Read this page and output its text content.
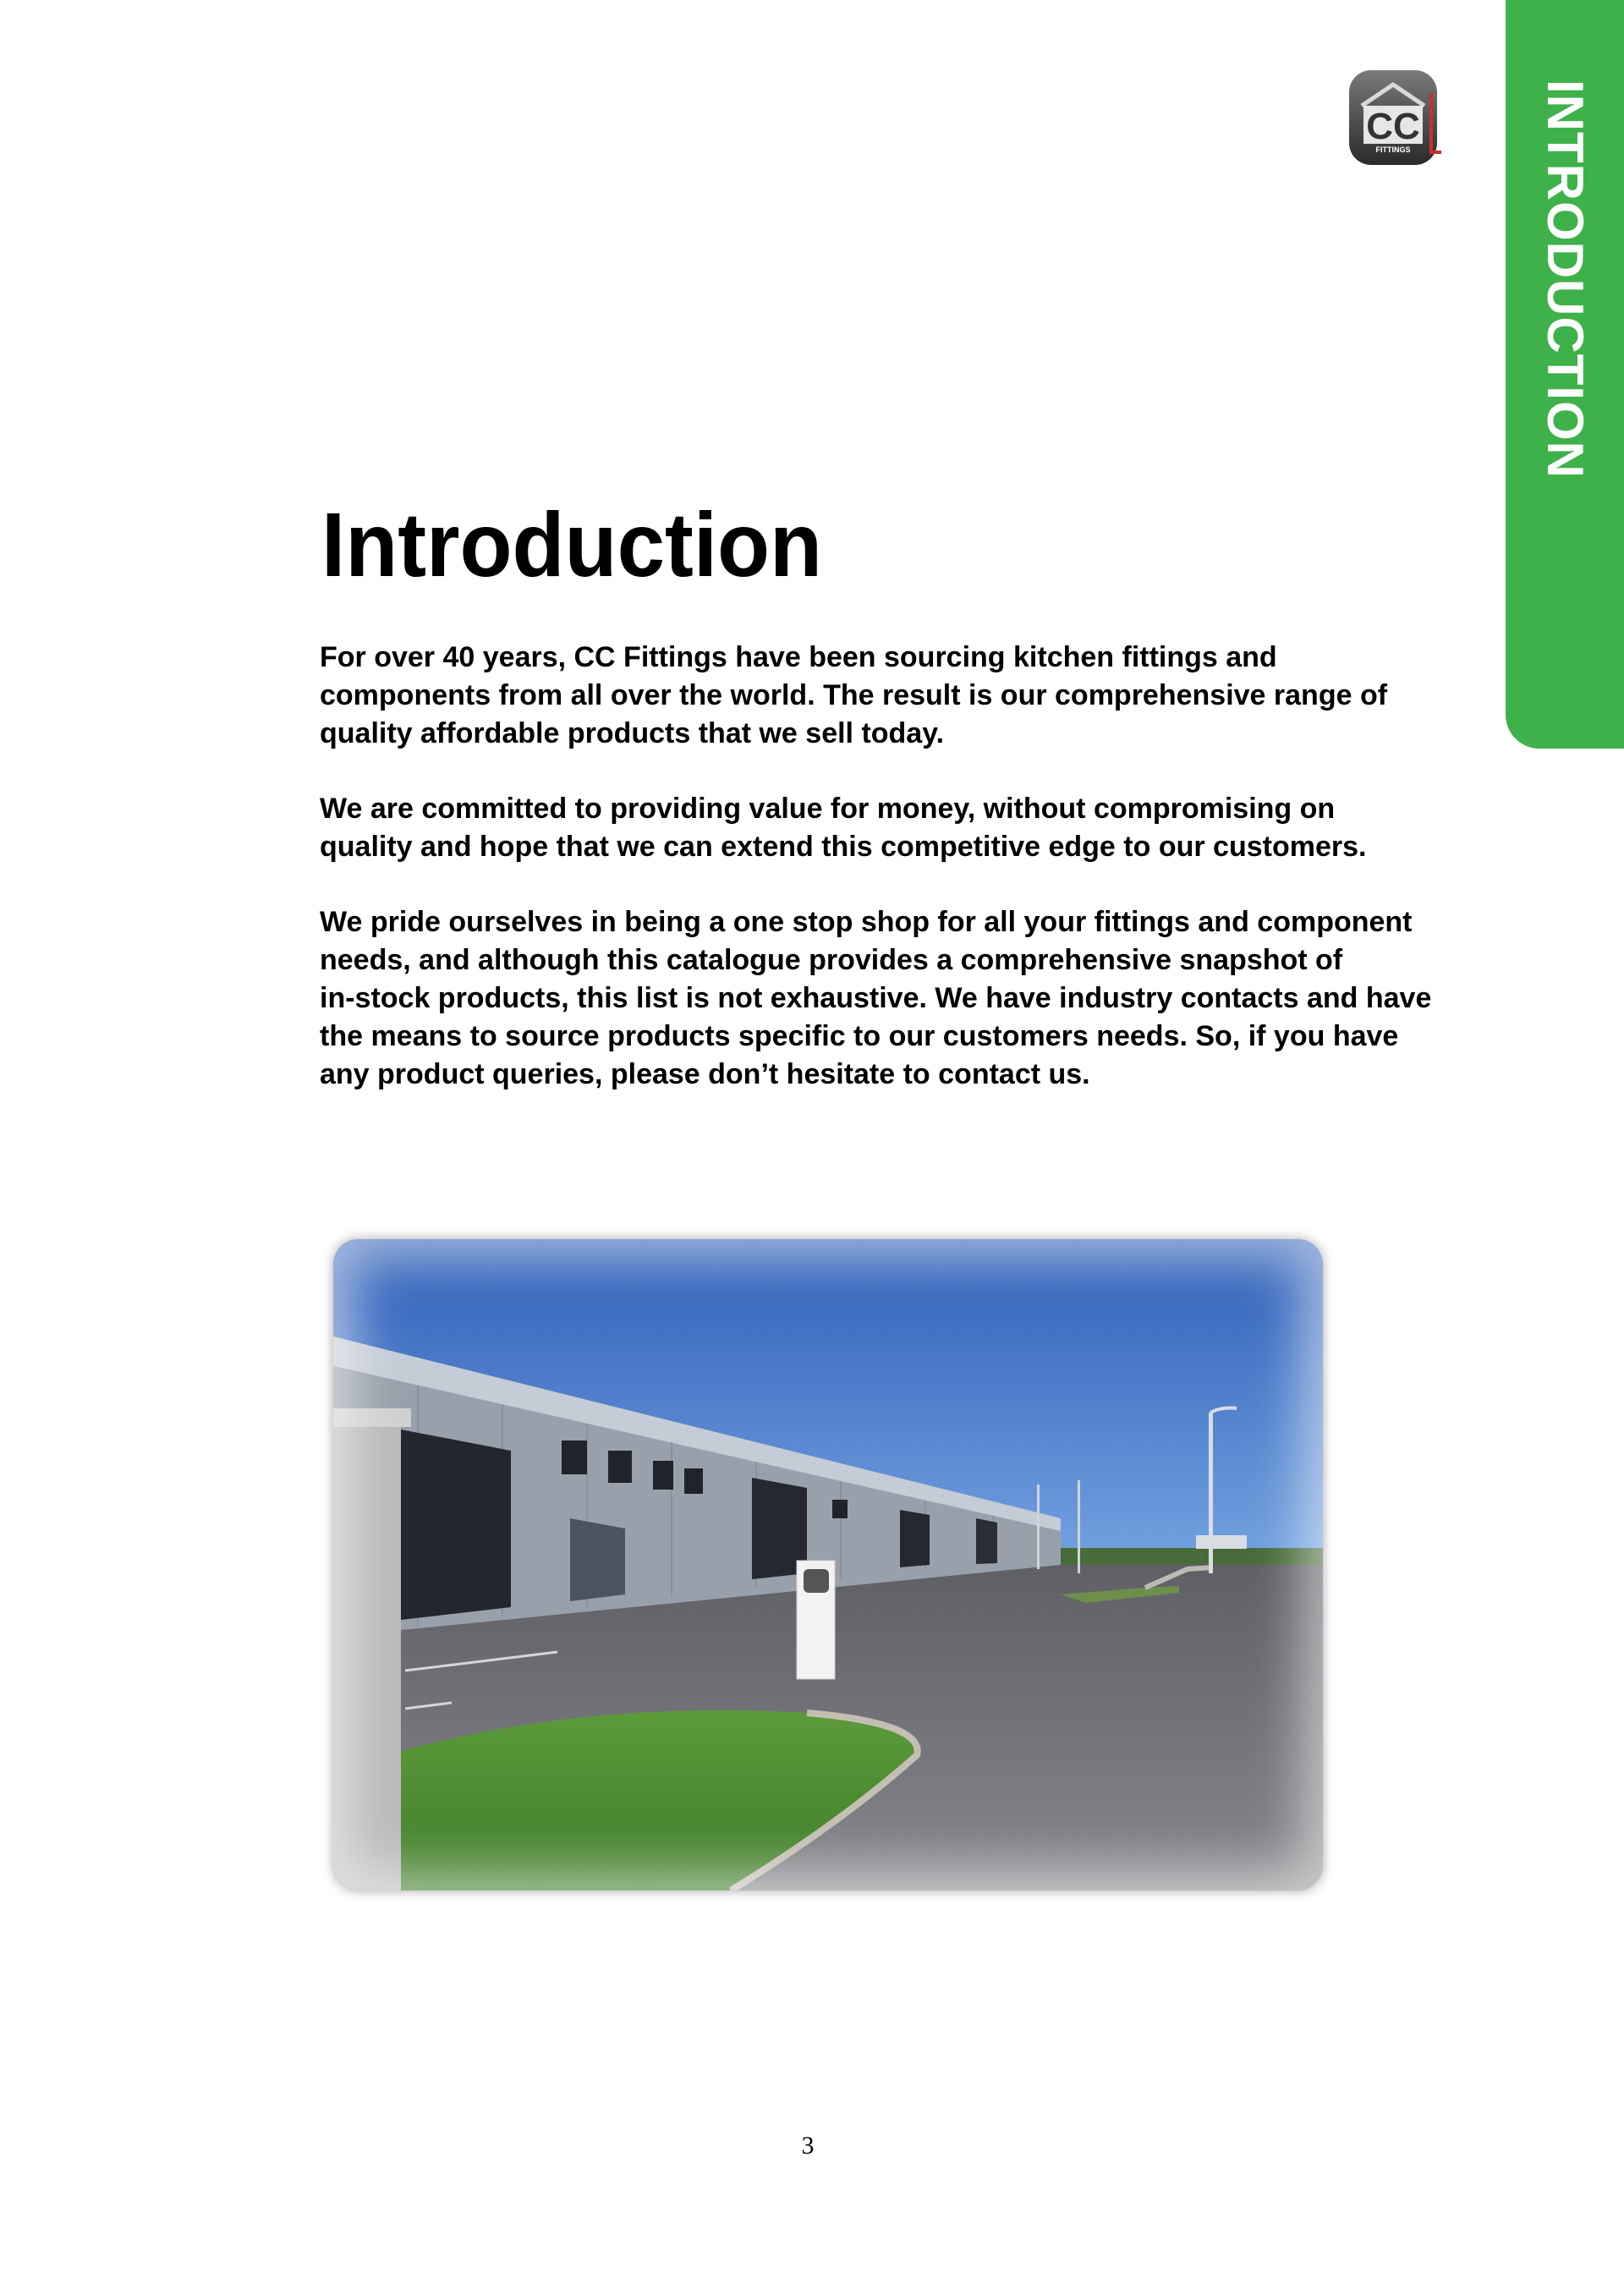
INTRODUCTION
CC
FITTINGS
Introduction

For over 40 years, CC Fittings have been sourcing kitchen fittings and
components from all over the world. The result is our comprehensive range of
quality affordable products that we sell today.

We are committed to providing value for money, without compromising on
quality and hope that we can extend this competitive edge to our customers.

We pride ourselves in being a one stop shop for all your fittings and component
needs, and although this catalogue provides a comprehensive snapshot of
in-stock products, this list is not exhaustive. We have industry contacts and have
the means to source products specific to our customers needs. So, if you have
any product queries, please don’t hesitate to contact us.

3
